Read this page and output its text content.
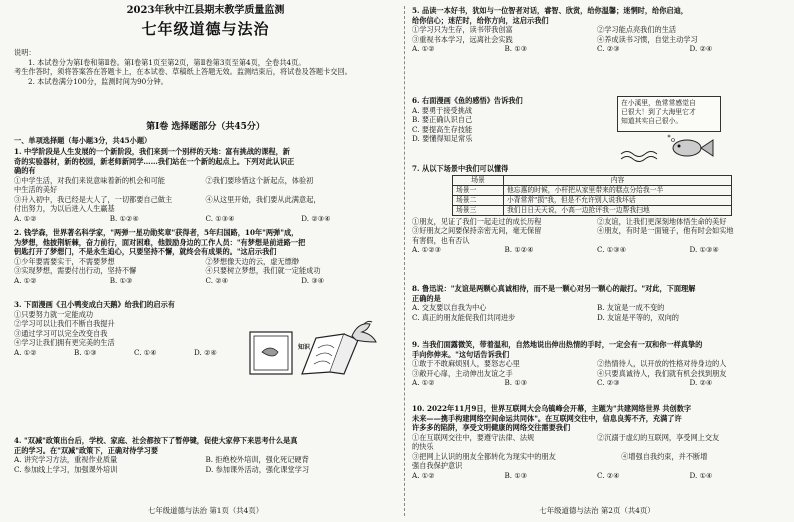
2023年秋中江县期末教学质量监测
七年级道德与法治

说明：

1. 本试卷分为第Ⅰ卷和第Ⅱ卷。第Ⅰ卷第1页至第2页，第Ⅱ卷第3页至第4页，全卷共4页。

考生作答时，须将答案答在答题卡上，在本试卷、草稿纸上答题无效。监测结束后，将试卷及答题卡交回。

2. 本试卷满分100分，监测时间为90分钟。

第Ⅰ卷 选择题部分（共45分）
一、单项选择题（每小题3分，共45小题）

1. 中学阶段是人生发展的一个新阶段，我们来到一个别样的天地：富有挑战的课程，新

奇的实验器材，新的校园，新老师新同学……我们站在一个新的起点上。下列对此认识正

确的有

①中学生活，对我们来说意味着新的机会和可能	②我们要珍惜这个新起点，体验初

中生活的美好

③升入初中，我已经是大人了，一切都要自己做主	④从这里开始，我们要从此满意起，

付出努力，为以后进入人生赢基

A. ①②	B. ①②④	C. ①③④	D. ②③④

2. 钱学森，世界著名科学家，"两弹一星功勋奖章"获得者，5年归国路，10年"两弹"成，

为梦想，他披荆斩棘，奋力前行，面对困难，他鼓励身边的工作人员："有梦想是前进路一把

钥匙打开了梦想门，不是永生追心，只要坚持不懈，就终会有成果的。"这启示我们

①少年要需要实干，不需要梦想	②梦想像天边的云，虚无缥缈
③实现梦想，需要付出行动，坚持不懈	④只要树立梦想，我们就一定能成功
A. ①②	B. ①③	C. ②④	D. ③④

3. 下面漫画《丑小鸭变成白天鹅》给我们的启示有

①只要努力就一定能成功

②学习可以让我们不断自我提升

③通过学习可以完全改变自我

④学习让我们拥有更完美的生活

A. ①②	B. ①③	C. ①④	D. ②④	知识

4. "双减"政策出台后，学校、家庭、社会都按下了暂停键，促使大家停下来思考什么是真

正的学习。在"双减"政策下，正确对待学习要

A. 讲究学习方法，重视作业质量	B. 拒绝校外培训，强化死记硬背
C. 参加线上学习，加强课外培训	D. 参加课外活动，强化课堂学习
七年级道德与法治 第1页（共4页）

5. 品读一本好书，犹如与一位智者对话，睿智、欣赏，给你温馨；迷惘时，给你启迪，

给你信心；迷茫时，给你方向，这启示我们

①学习只为生存，读书带我创富	②学习能点亮我们的生活
③重视书本学习，远离社会实践	④养成读书习惯，自觉主动学习
A. ①②	B. ①③	C. ②③	D. ②④

6. 右面漫画《鱼的感悟》告诉我们

A. 要勇于接受挑战

B. 要正确认识自己

C. 要提高生存技能

D. 要懂得知足常乐

在小溪里，鱼常常感觉自

已很大！到了大海里它才

知道其实自己很小。

7. 从以下场景中我们可以懂得

场景	内容
场景一	他忘惠的时候，小杆把从家里带来的糕点分给我一半
场景二	小背常常"损"我，但是不允许别人说我坏话
场景三	我们日日天天说，小高一边抢评我一边帮我扫地
①朋友，见证了我们一起走过的成长历程	②友谊，让我们更深刻地体悟生命的美好
③好朋友之间要保持亲密无间，毫无保留	④朋友，有时是一面镜子，他有时会如实地

有害假，也有否认

A. ①②③	B. ①②④	C. ①③④	D. ①③④

8. 鲁迅说："友谊是两颗心真诚相待，而不是一颗心对另一颗心的敲打。"对此，下面理解

正确的是

A. 交友要以自我为中心	B. 友谊是一成不变的
C. 真正的朋友能促我们共同进步	D. 友谊是平等的，双向的

9. 当我们面露微笑，带着温和，自然地说出伸出热情的手时，一定会有一双和你一样真挚的

手向你伸来。"这句话告诉我们

①敢于不敢麻烦别人，要怒志心里	②热情待人，以开放的性格对待身边的人
③敞开心扉，主动伸出友谊之手	④只要真诚待人，我们就有机会找到朋友
A. ①②	B. ①③	C. ②③	D. ②④

10. 2022年11月9日，世界互联网大会乌镇峰会开幕，主题为"共建网络世界 共创数字

未来——携手构建网络空间命运共同体"。在互联网交往中，信息良莠不齐，充满了许

许多多的陷阱，享受文明健康的网络交往需要我们

①在互联网交往中，要遵守法律、法规	②沉溺于虚幻的互联网，享受网上交友

的快乐

③把网上认识的朋友全都转化为现实中的朋友	④增强自我约束，并不断增

强自我保护意识

A. ①②	B. ①③	C. ②④	D. ①④
七年级道德与法治 第2页（共4页）
